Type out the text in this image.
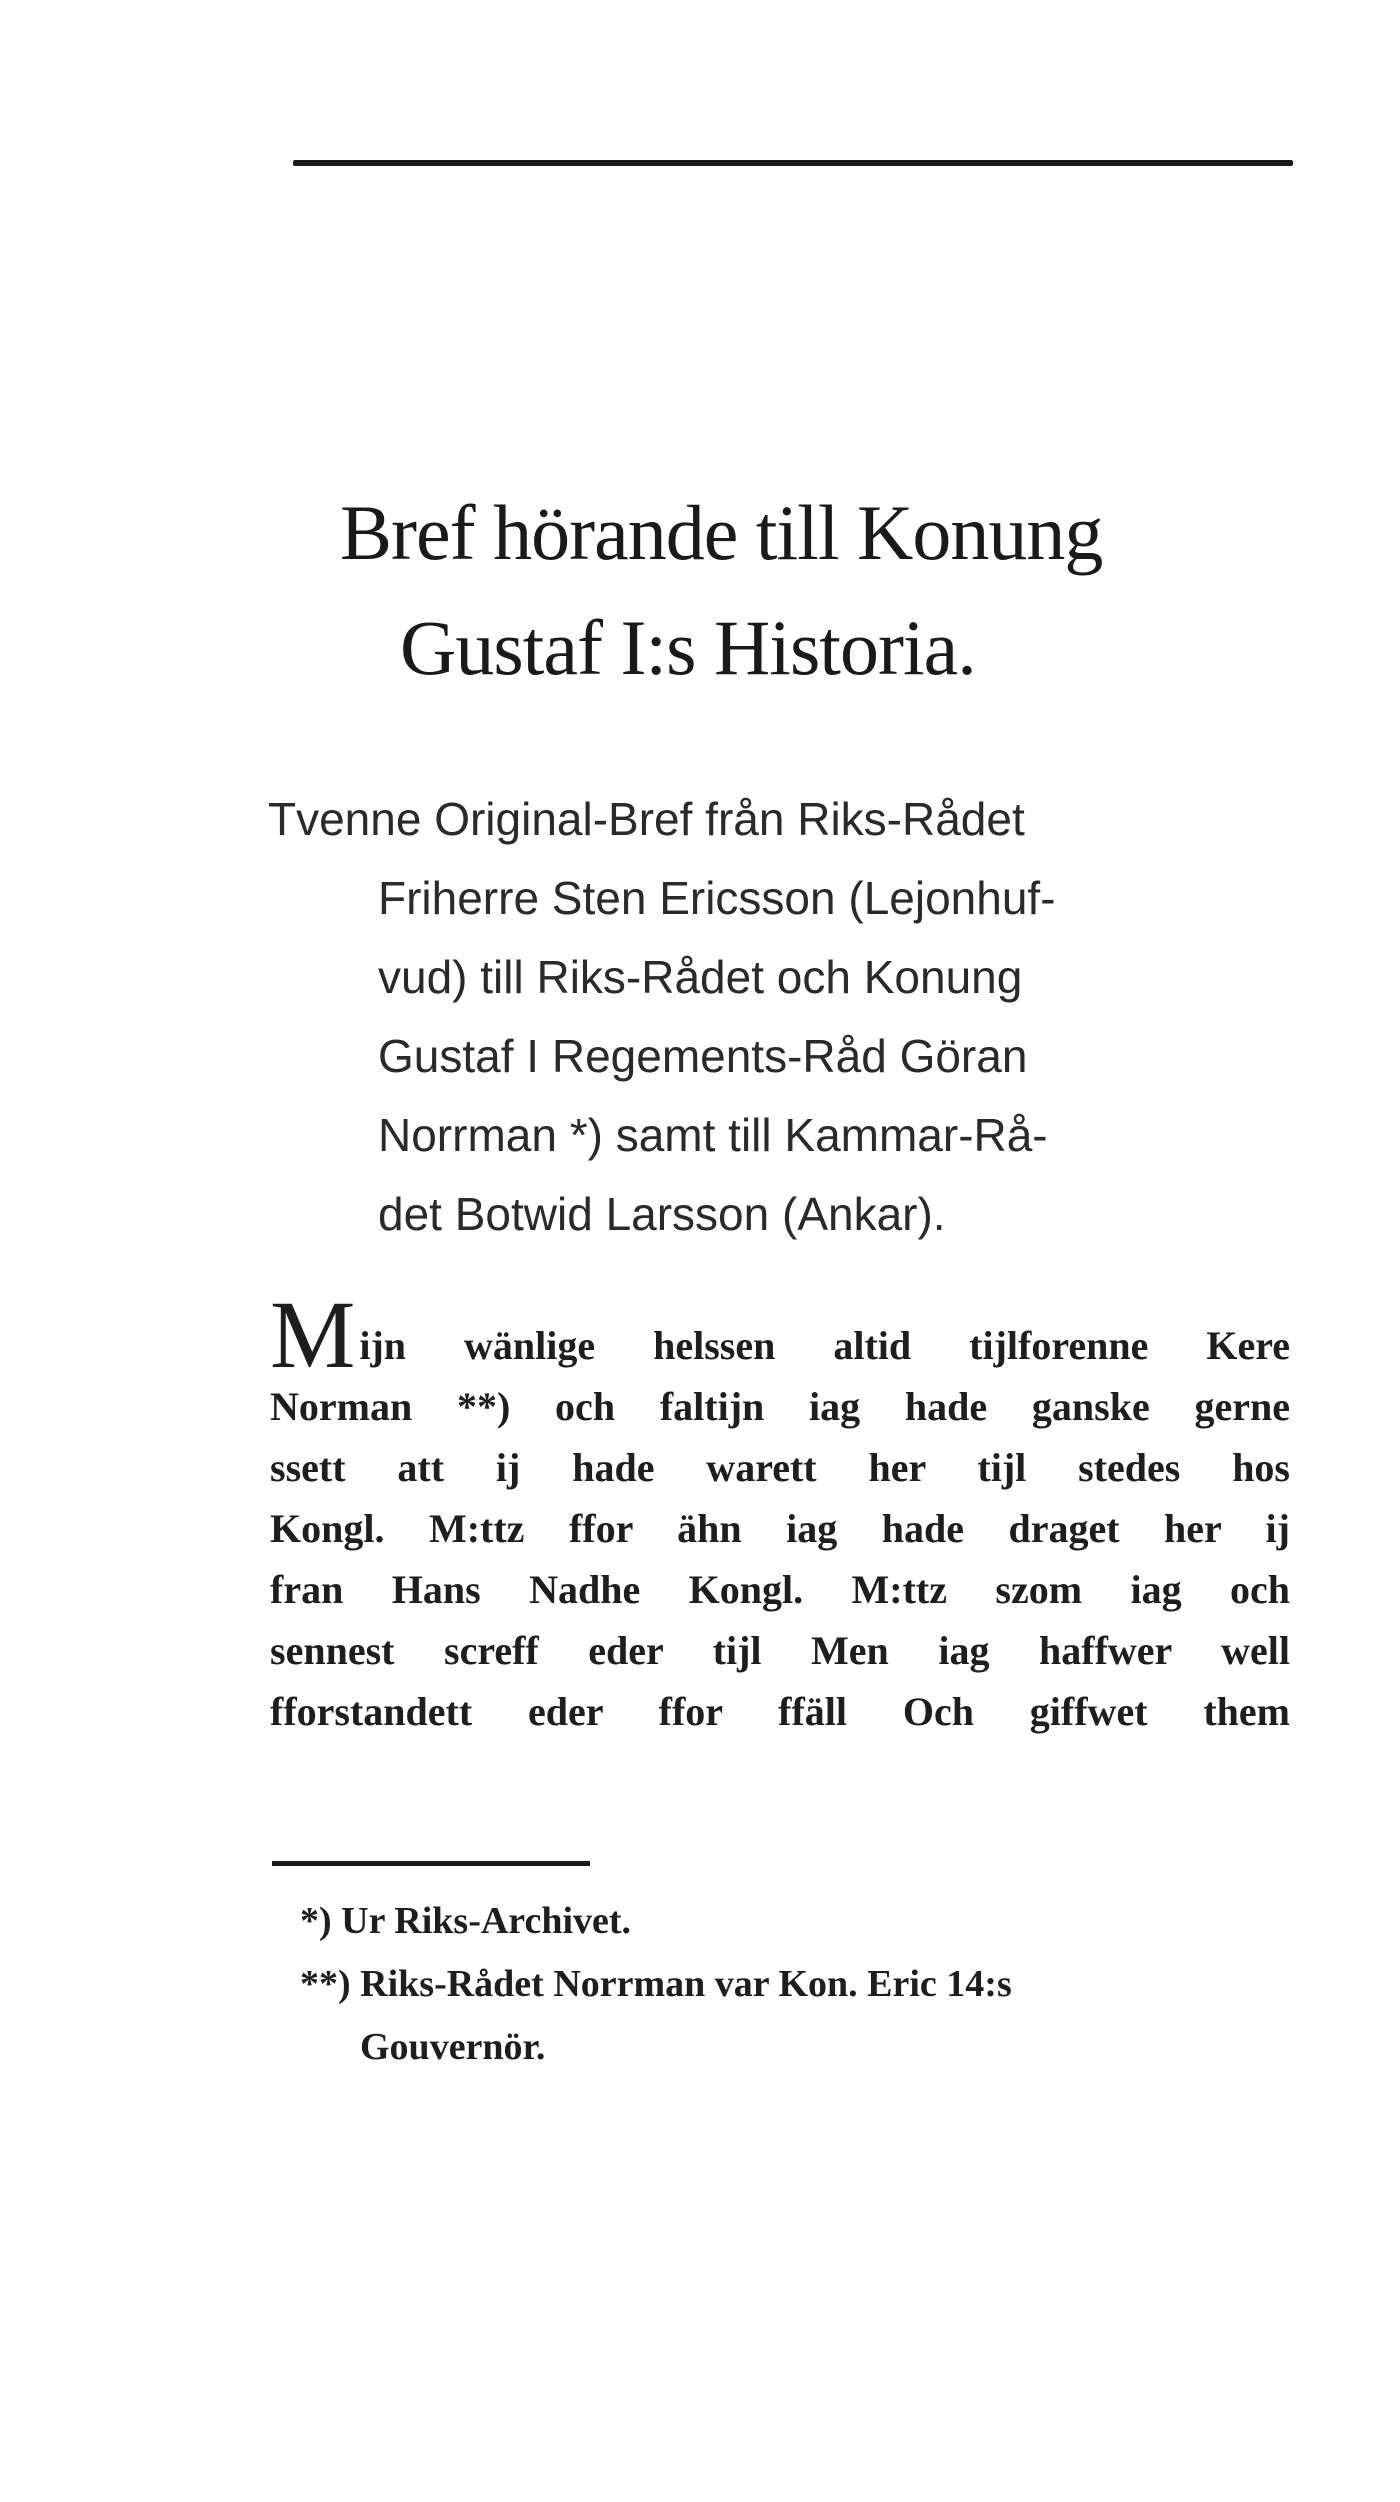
Bref hörande till Konung
Gustaf I:s Historia.

Tvenne Original-Bref från Riks-Rådet
Friherre Sten Ericsson (Lejonhuf-
vud) till Riks-Rådet och Konung
Gustaf I Regements-Råd Göran
Norrman *) samt till Kammar-Rå-
det Botwid Larsson (Ankar).

Mijn wänlige helssen altid tijlforenne Kere
Norman **) och faltijn iag hade ganske gerne
ssett att ij hade warett her tijl stedes hos
Kongl. M:ttz ffor ähn iag hade draget her ij
fran Hans Nadhe Kongl. M:ttz szom iag och
sennest screff eder tijl Men iag haffwer well
fforstandett eder ffor ffäll Och giffwet them

*) Ur Riks-Archivet.
**) Riks-Rådet Norrman var Kon. Eric 14:s
Gouvernör.
